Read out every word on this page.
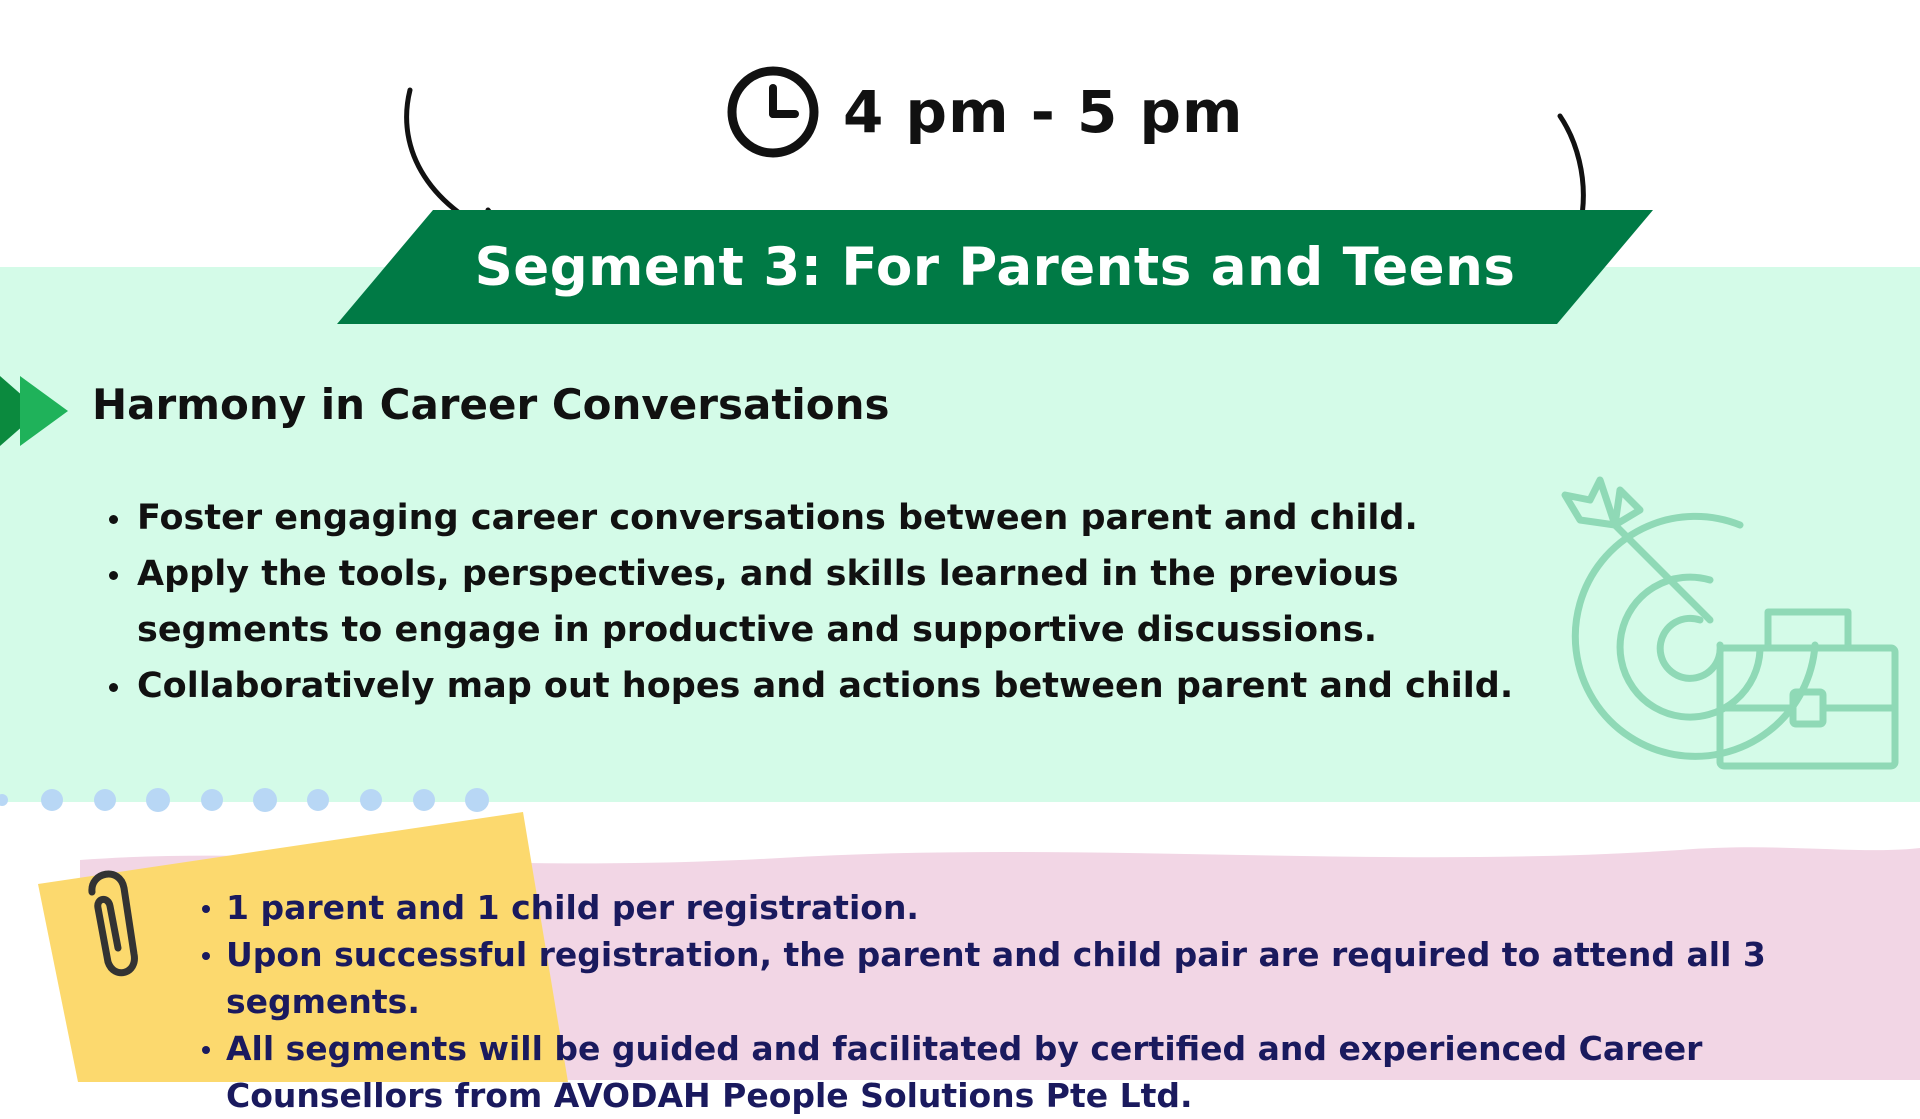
4 pm - 5 pm
Segment 3: For Parents and Teens
Harmony in Career Conversations
Foster engaging career conversations between parent and child.
Apply the tools, perspectives, and skills learned in the previous segments to engage in productive and supportive discussions.
Collaboratively map out hopes and actions between parent and child.
1 parent and 1 child per registration.
Upon successful registration, the parent and child pair are required to attend all 3 segments.
All segments will be guided and facilitated by certified and experienced Career Counsellors from AVODAH People Solutions Pte Ltd.
